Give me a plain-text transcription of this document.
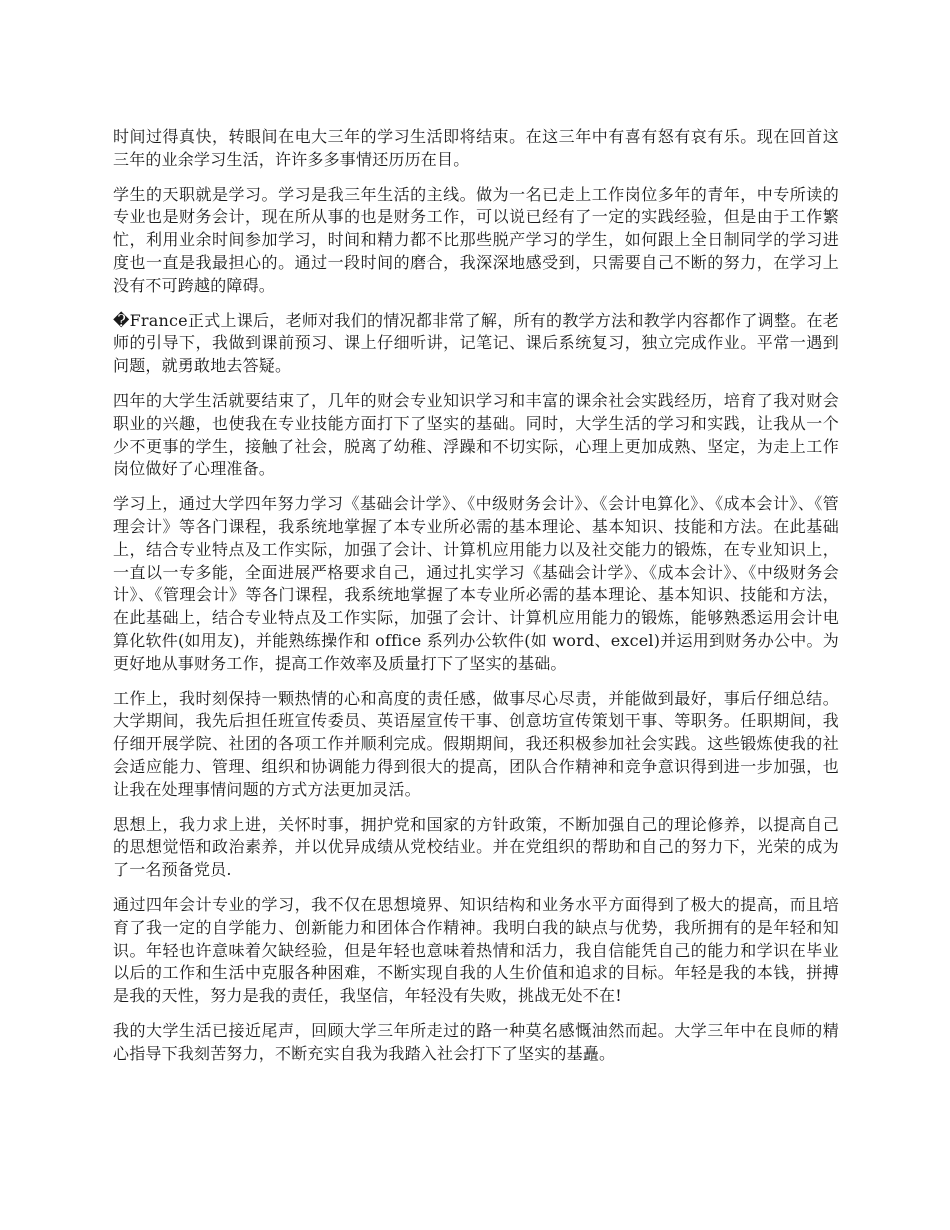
时间过得真快，转眼间在电大三年的学习生活即将结束。在这三年中有喜有怒有哀有乐。现在回首这三年的业余学习生活，许许多多事情还历历在目。

学生的天职就是学习。学习是我三年生活的主线。做为一名已走上工作岗位多年的青年，中专所读的专业也是财务会计，现在所从事的也是财务工作，可以说已经有了一定的实践经验，但是由于工作繁忙，利用业余时间参加学习，时间和精力都不比那些脱产学习的学生，如何跟上全日制同学的学习进度也一直是我最担心的。通过一段时间的磨合，我深深地感受到，只需要自己不断的努力，在学习上没有不可跨越的障碍。

�France正式上课后，老师对我们的情况都非常了解，所有的教学方法和教学内容都作了调整。在老师的引导下，我做到课前预习、课上仔细听讲，记笔记、课后系统复习，独立完成作业。平常一遇到问题，就勇敢地去答疑。

四年的大学生活就要结束了，几年的财会专业知识学习和丰富的课余社会实践经历，培育了我对财会职业的兴趣，也使我在专业技能方面打下了坚实的基础。同时，大学生活的学习和实践，让我从一个少不更事的学生，接触了社会，脱离了幼稚、浮躁和不切实际，心理上更加成熟、坚定，为走上工作岗位做好了心理准备。

学习上，通过大学四年努力学习《基础会计学》、《中级财务会计》、《会计电算化》、《成本会计》、《管理会计》等各门课程，我系统地掌握了本专业所必需的基本理论、基本知识、技能和方法。在此基础上，结合专业特点及工作实际，加强了会计、计算机应用能力以及社交能力的锻炼，在专业知识上，一直以一专多能，全面进展严格要求自己，通过扎实学习《基础会计学》、《成本会计》、《中级财务会计》、《管理会计》等各门课程，我系统地掌握了本专业所必需的基本理论、基本知识、技能和方法，在此基础上，结合专业特点及工作实际，加强了会计、计算机应用能力的锻炼，能够熟悉运用会计电算化软件(如用友)，并能熟练操作和 office 系列办公软件(如 word、excel)并运用到财务办公中。为更好地从事财务工作，提高工作效率及质量打下了坚实的基础。

工作上，我时刻保持一颗热情的心和高度的责任感，做事尽心尽责，并能做到最好，事后仔细总结。大学期间，我先后担任班宣传委员、英语屋宣传干事、创意坊宣传策划干事、等职务。任职期间，我仔细开展学院、社团的各项工作并顺利完成。假期期间，我还积极参加社会实践。这些锻炼使我的社会适应能力、管理、组织和协调能力得到很大的提高，团队合作精神和竞争意识得到进一步加强，也让我在处理事情问题的方式方法更加灵活。

思想上，我力求上进，关怀时事，拥护党和国家的方针政策，不断加强自己的理论修养，以提高自己的思想觉悟和政治素养，并以优异成绩从党校结业。并在党组织的帮助和自己的努力下，光荣的成为了一名预备党员.

通过四年会计专业的学习，我不仅在思想境界、知识结构和业务水平方面得到了极大的提高，而且培育了我一定的自学能力、创新能力和团体合作精神。我明白我的缺点与优势，我所拥有的是年轻和知识。年轻也许意味着欠缺经验，但是年轻也意味着热情和活力，我自信能凭自己的能力和学识在毕业以后的工作和生活中克服各种困难，不断实现自我的人生价值和追求的目标。年轻是我的本钱，拼搏是我的天性，努力是我的责任，我坚信，年轻没有失败，挑战无处不在!

我的大学生活已接近尾声，回顾大学三年所走过的路一种莫名感慨油然而起。大学三年中在良师的精心指导下我刻苦努力，不断充实自我为我踏入社会打下了坚实的基矗。
